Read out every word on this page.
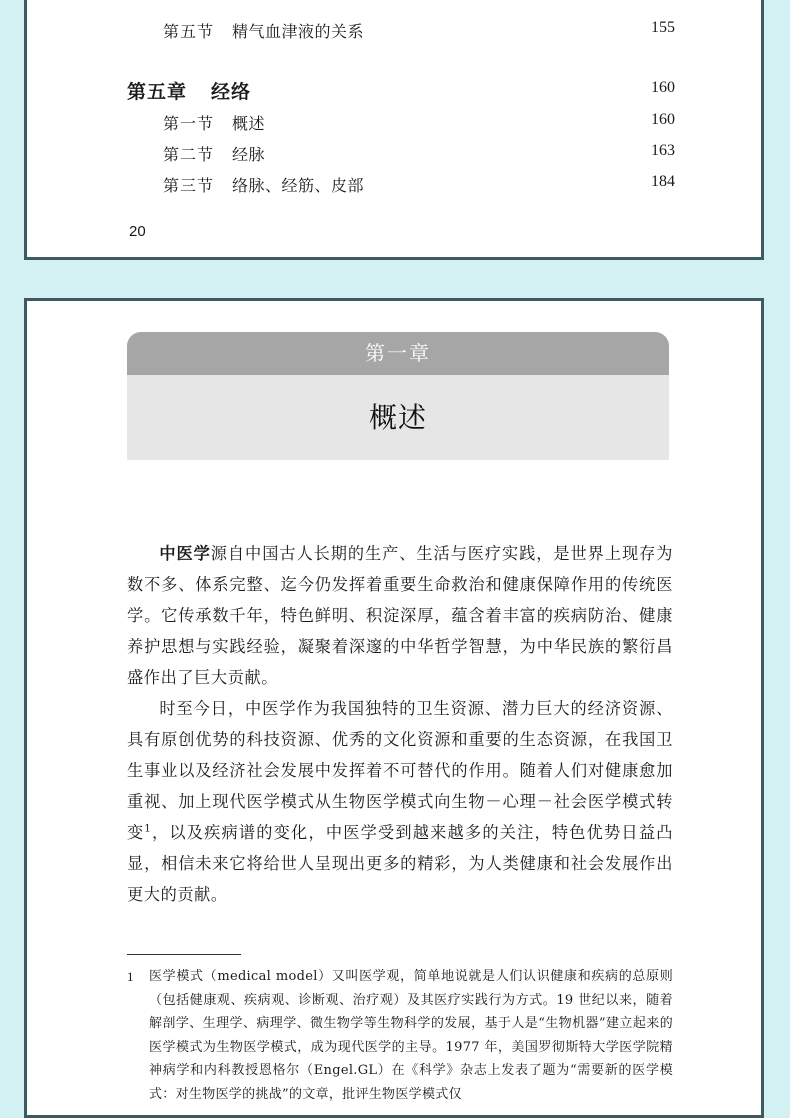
第五节 精气血津液的关系	155
第五章 经络	160
第一节 概述	160
第二节 经脉	163
第三节 络脉、经筋、皮部	184
20
第一章
概述

中医学源自中国古人长期的生产、生活与医疗实践，是世界上现存为数不多、体系完整、迄今仍发挥着重要生命救治和健康保障作用的传统医学。它传承数千年，特色鲜明、积淀深厚，蕴含着丰富的疾病防治、健康养护思想与实践经验，凝聚着深邃的中华哲学智慧，为中华民族的繁衍昌盛作出了巨大贡献。

时至今日，中医学作为我国独特的卫生资源、潜力巨大的经济资源、具有原创优势的科技资源、优秀的文化资源和重要的生态资源，在我国卫生事业以及经济社会发展中发挥着不可替代的作用。随着人们对健康愈加重视、加上现代医学模式从生物医学模式向生物－心理－社会医学模式转变$^1$，以及疾病谱的变化，中医学受到越来越多的关注，特色优势日益凸显，相信未来它将给世人呈现出更多的精彩，为人类健康和社会发展作出更大的贡献。

1 医学模式（medical model）又叫医学观，简单地说就是人们认识健康和疾病的总原则（包括健康观、疾病观、诊断观、治疗观）及其医疗实践行为方式。19 世纪以来，随着解剖学、生理学、病理学、微生物学等生物科学的发展，基于人是“生物机器”建立起来的医学模式为生物医学模式，成为现代医学的主导。1977 年，美国罗彻斯特大学医学院精神病学和内科教授恩格尔（Engel.GL）在《科学》杂志上发表了题为“需要新的医学模式：对生物医学的挑战”的文章，批评生物医学模式仅
